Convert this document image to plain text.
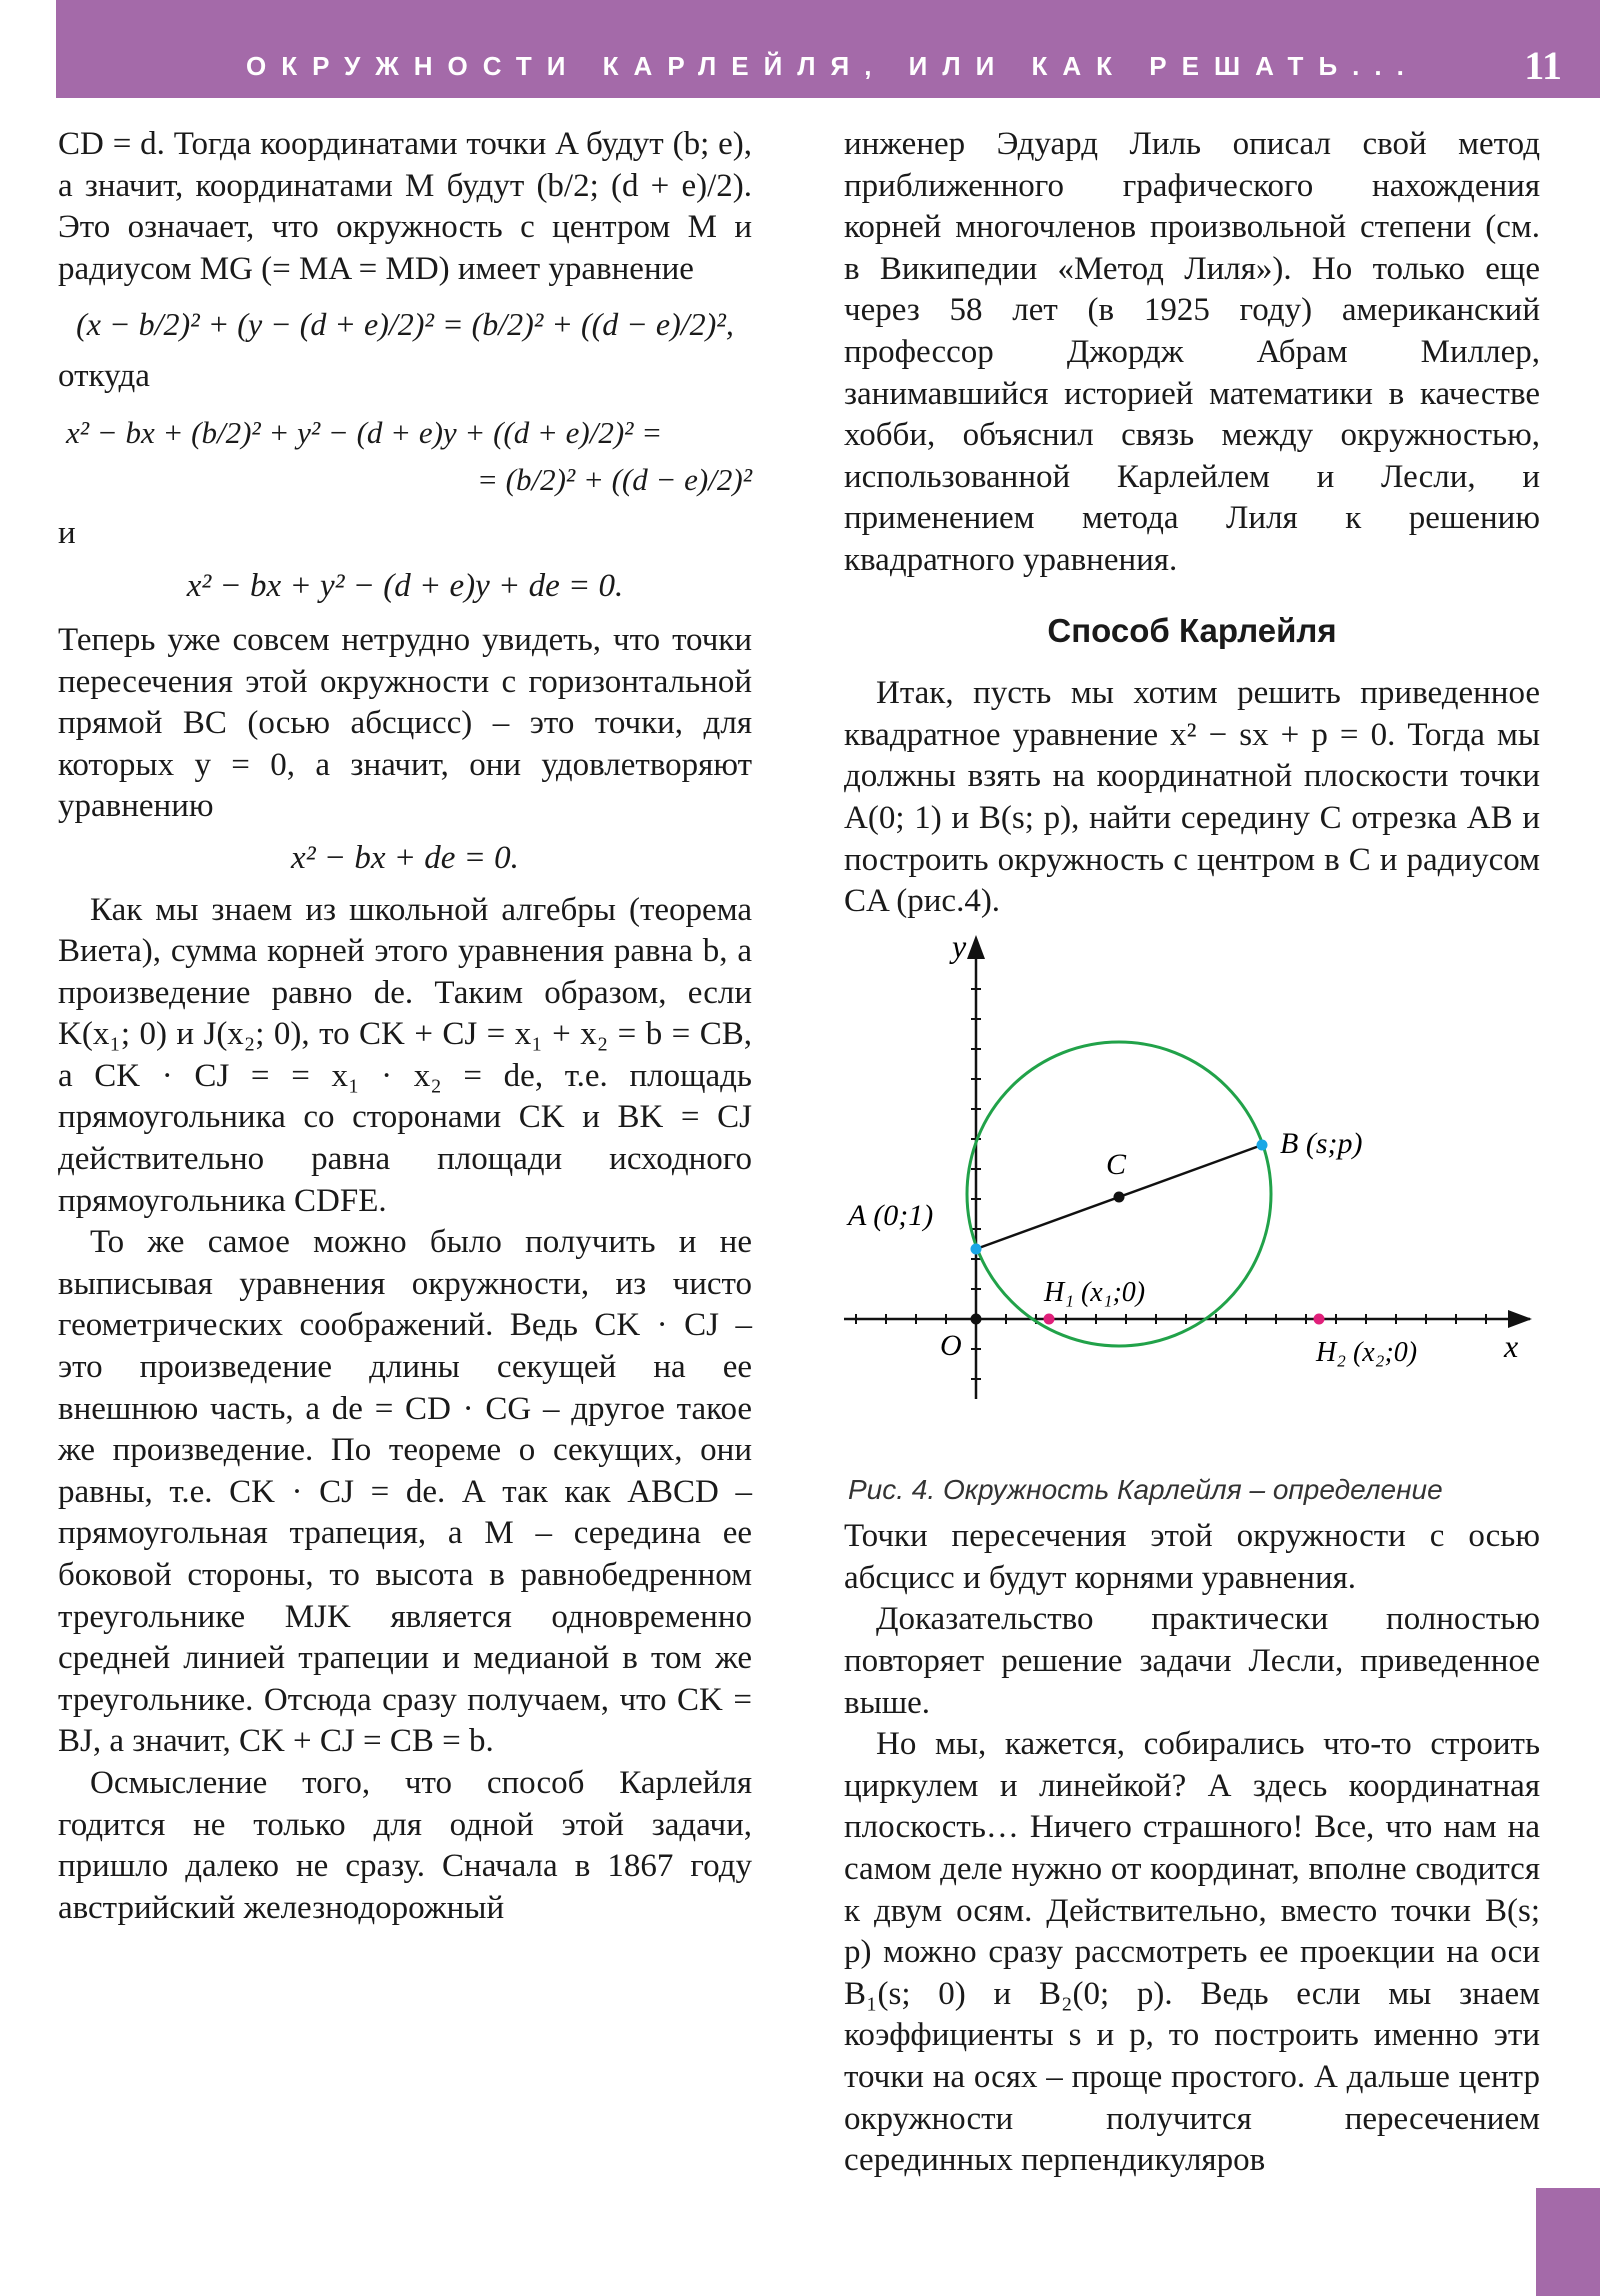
ОКРУЖНОСТИ КАРЛЕЙЛЯ, ИЛИ КАК РЕШАТЬ...	11

CD = d. Тогда координатами точки A будут (b; e), а значит, координатами M будут (b/2; (d + e)/2). Это означает, что окружность с центром M и радиусом MG (= MA = MD) имеет уравнение

(x − b/2)² + (y − (d + e)/2)² = (b/2)² + ((d − e)/2)²,

откуда

x² − bx + (b/2)² + y² − (d + e)y + ((d + e)/2)² =
= (b/2)² + ((d − e)/2)²

и

x² − bx + y² − (d + e)y + de = 0.

Теперь уже совсем нетрудно увидеть, что точки пересечения этой окружности с горизонтальной прямой BC (осью абсцисс) – это точки, для которых y = 0, а значит, они удовлетворяют уравнению

x² − bx + de = 0.

Как мы знаем из школьной алгебры (теорема Виета), сумма корней этого уравнения равна b, а произведение равно de. Таким образом, если K(x₁; 0) и J(x₂; 0), то CK + CJ = x₁ + x₂ = b = CB, а CK · CJ = = x₁ · x₂ = de, т.е. площадь прямоугольника со сторонами CK и BK = CJ действительно равна площади исходного прямоугольника CDFE.

То же самое можно было получить и не выписывая уравнения окружности, из чисто геометрических соображений. Ведь CK · CJ – это произведение длины секущей на ее внешнюю часть, а de = CD · CG – другое такое же произведение. По теореме о секущих, они равны, т.е. CK · CJ = de. А так как ABCD – прямоугольная трапеция, а M – середина ее боковой стороны, то высота в равнобедренном треугольнике MJK является одновременно средней линией трапеции и медианой в том же треугольнике. Отсюда сразу получаем, что CK = BJ, а значит, CK + CJ = CB = b.

Осмысление того, что способ Карлейля годится не только для одной этой задачи, пришло далеко не сразу. Сначала в 1867 году австрийский железнодорожный

инженер Эдуард Лиль описал свой метод приближенного графического нахождения корней многочленов произвольной степени (см. в Википедии «Метод Лиля»). Но только еще через 58 лет (в 1925 году) американский профессор Джордж Абрам Миллер, занимавшийся историей математики в качестве хобби, объяснил связь между окружностью, использованной Карлейлем и Лесли, и применением метода Лиля к решению квадратного уравнения.

Способ Карлейля

Итак, пусть мы хотим решить приведенное квадратное уравнение x² − sx + p = 0. Тогда мы должны взять на координатной плоскости точки A(0; 1) и B(s; p), найти середину C отрезка AB и построить окружность с центром в C и радиусом CA (рис.4).

y
x
O
A (0;1)
B (s;p)
C
H₁ (x₁;0)
H₂ (x₂;0)
Рис. 4. Окружность Карлейля – определение

Точки пересечения этой окружности с осью абсцисс и будут корнями уравнения.

Доказательство практически полностью повторяет решение задачи Лесли, приведенное выше.

Но мы, кажется, собирались что-то строить циркулем и линейкой? А здесь координатная плоскость… Ничего страшного! Все, что нам на самом деле нужно от координат, вполне сводится к двум осям. Действительно, вместо точки B(s; p) можно сразу рассмотреть ее проекции на оси B₁(s; 0) и B₂(0; p). Ведь если мы знаем коэффициенты s и p, то построить именно эти точки на осях – проще простого. А дальше центр окружности получится пересечением серединных перпендикуляров
